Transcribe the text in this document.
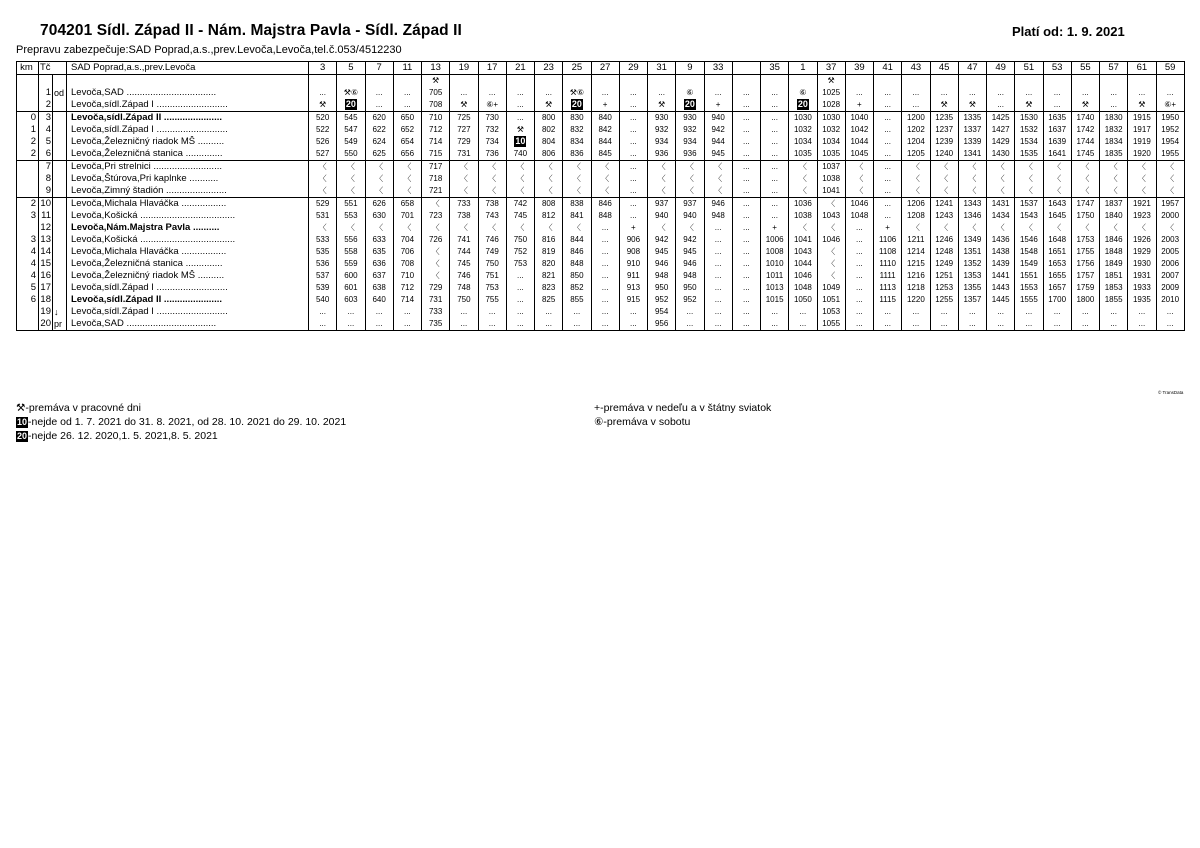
704201 Sídl. Západ II - Nám. Majstra Pavla - Sídl. Západ II	Platí od: 1. 9. 2021
Prepravu zabezpečuje:SAD Poprad,a.s.,prev.Levoča,Levoča,tel.č.053/4512230
km	Tč		SAD Poprad,a.s.,prev.Levoča	3	5	7	11	13	19	17	21	23	25	27	29	31	9	33		35	1	37	39	41	43	45	47	49	51	53	55	57	61	59
								⚒														⚒												
	1	od	Levoča,SAD ..................................	...	⚒⑥	...	...	705	...	...	...	...	⚒⑥	...	...	...	⑥	...	...	...	⑥	1025	...	...	...	...	...	...	...	...	...	...	...	...
	2		Levoča,sídl.Západ I ...........................	⚒	20	...	...	708	⚒	⑥+	...	⚒	20	+	...	⚒	20	+	...	...	20	1028	+	...	...	⚒	⚒	...	⚒	...	⚒	...	⚒	⑥+
0	3		Levoča,sídl.Západ II ......................	520	545	620	650	710	725	730	...	800	830	840	...	930	930	940	...	...	1030	1030	1040	...	1200	1235	1335	1425	1530	1635	1740	1830	1915	1950
1	4		Levoča,sídl.Západ I ...........................	522	547	622	652	712	727	732	⚒	802	832	842	...	932	932	942	...	...	1032	1032	1042	...	1202	1237	1337	1427	1532	1637	1742	1832	1917	1952
2	5		Levoča,Železničný riadok MŠ ..........	526	549	624	654	714	729	734	10	804	834	844	...	934	934	944	...	...	1034	1034	1044	...	1204	1239	1339	1429	1534	1639	1744	1834	1919	1954
2	6		Levoča,Železničná stanica ..............	527	550	625	656	715	731	736	740	806	836	845	...	936	936	945	...	...	1035	1035	1045	...	1205	1240	1341	1430	1535	1641	1745	1835	1920	1955
	7		Levoča,Pri strelnici ..........................	〈	〈	〈	〈	717	〈	〈	〈	〈	〈	〈	...	〈	〈	〈	...	...	〈	1037	〈	...	〈	〈	〈	〈	〈	〈	〈	〈	〈	〈
	8		Levoča,Štúrova,Pri kaplnke ...........	〈	〈	〈	〈	718	〈	〈	〈	〈	〈	〈	...	〈	〈	〈	...	...	〈	1038	〈	...	〈	〈	〈	〈	〈	〈	〈	〈	〈	〈
	9		Levoča,Zimný štadión .......................	〈	〈	〈	〈	721	〈	〈	〈	〈	〈	〈	...	〈	〈	〈	...	...	〈	1041	〈	...	〈	〈	〈	〈	〈	〈	〈	〈	〈	〈
2	10		Levoča,Michala Hlaváčka .................	529	551	626	658	〈	733	738	742	808	838	846	...	937	937	946	...	...	1036	〈	1046	...	1206	1241	1343	1431	1537	1643	1747	1837	1921	1957
3	11		Levoča,Košická ....................................	531	553	630	701	723	738	743	745	812	841	848	...	940	940	948	...	...	1038	1043	1048	...	1208	1243	1346	1434	1543	1645	1750	1840	1923	2000
	12		Levoča,Nám.Majstra Pavla ..........	〈	〈	〈	〈	〈	〈	〈	〈	〈	〈	...	+	〈	〈	...	...	+	〈	〈	...	+	〈	〈	〈	〈	〈	〈	〈	〈	〈	〈
3	13		Levoča,Košická ....................................	533	556	633	704	726	741	746	750	816	844	...	906	942	942	...	...	1006	1041	1046	...	1106	1211	1246	1349	1436	1546	1648	1753	1846	1926	2003
4	14		Levoča,Michala Hlaváčka .................	535	558	635	706	〈	744	749	752	819	846	...	908	945	945	...	...	1008	1043	〈	...	1108	1214	1248	1351	1438	1548	1651	1755	1848	1929	2005
4	15		Levoča,Železničná stanica ..............	536	559	636	708	〈	745	750	753	820	848	...	910	946	946	...	...	1010	1044	〈	...	1110	1215	1249	1352	1439	1549	1653	1756	1849	1930	2006
4	16		Levoča,Železničný riadok MŠ ..........	537	600	637	710	〈	746	751	...	821	850	...	911	948	948	...	...	1011	1046	〈	...	1111	1216	1251	1353	1441	1551	1655	1757	1851	1931	2007
5	17		Levoča,sídl.Západ I ...........................	539	601	638	712	729	748	753	...	823	852	...	913	950	950	...	...	1013	1048	1049	...	1113	1218	1253	1355	1443	1553	1657	1759	1853	1933	2009
6	18		Levoča,sídl.Západ II ......................	540	603	640	714	731	750	755	...	825	855	...	915	952	952	...	...	1015	1050	1051	...	1115	1220	1255	1357	1445	1555	1700	1800	1855	1935	2010
	19	↓	Levoča,sídl.Západ I ...........................	...	...	...	...	733	...	...	...	...	...	...	...	954	...	...	...	...	...	1053	...	...	...	...	...	...	...	...	...	...	...	...
	20	pr	Levoča,SAD ..................................	...	...	...	...	735	...	...	...	...	...	...	...	956	...	...	...	...	...	1055	...	...	...	...	...	...	...	...	...	...	...	...
© TransData
⚒-premáva v pracovné dni
10-nejde od 1. 7. 2021 do 31. 8. 2021, od 28. 10. 2021 do 29. 10. 2021
20-nejde 26. 12. 2020,1. 5. 2021,8. 5. 2021
+-premáva v nedeľu a v štátny sviatok
⑥-premáva v sobotu
